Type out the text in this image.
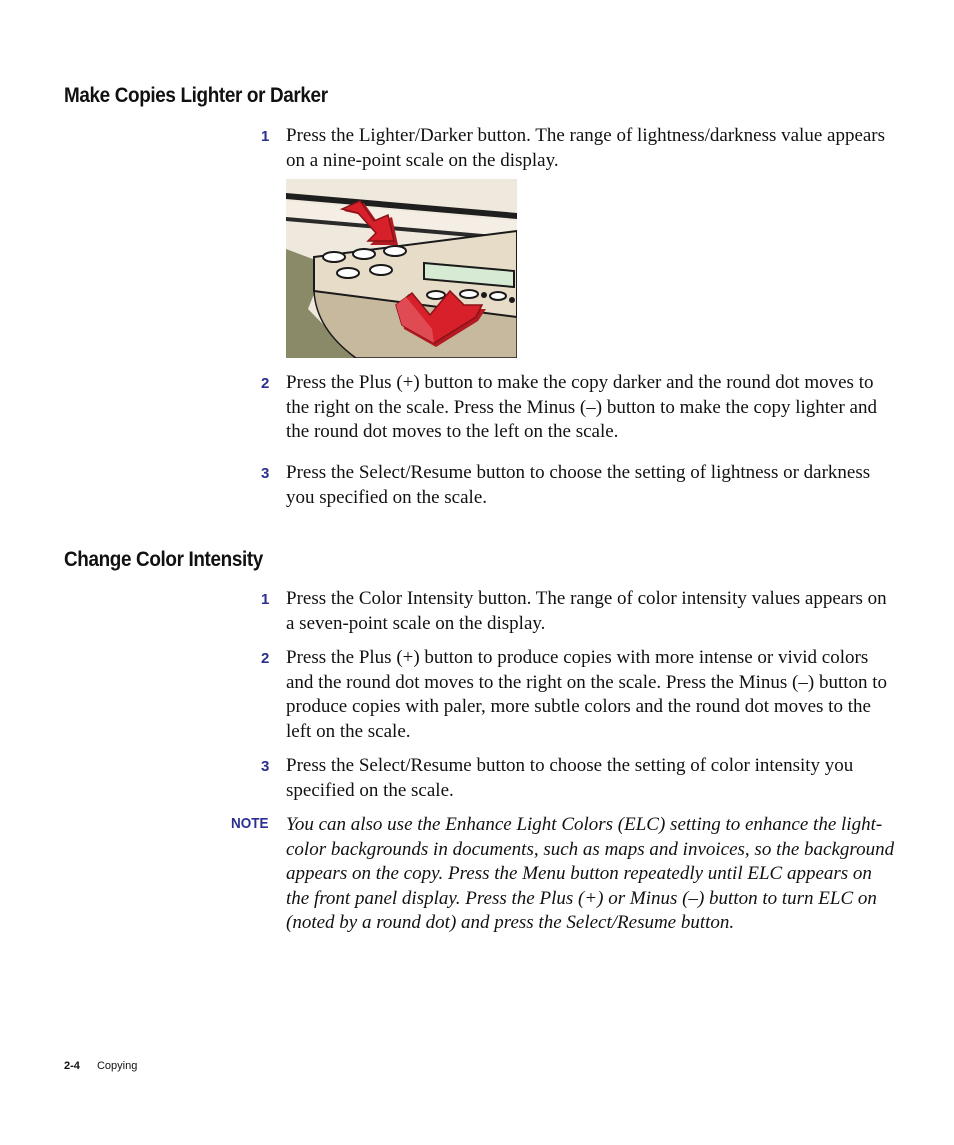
Make Copies Lighter or Darker
1 Press the Lighter/Darker button. The range of lightness/darkness value appears on a nine-point scale on the display.
2 Press the Plus (+) button to make the copy darker and the round dot moves to the right on the scale. Press the Minus (–) button to make the copy lighter and the round dot moves to the left on the scale.
3 Press the Select/Resume button to choose the setting of lightness or darkness you specified on the scale.
Change Color Intensity
1 Press the Color Intensity button. The range of color intensity values appears on a seven-point scale on the display.
2 Press the Plus (+) button to produce copies with more intense or vivid colors and the round dot moves to the right on the scale. Press the Minus (–) button to produce copies with paler, more subtle colors and the round dot moves to the left on the scale.
3 Press the Select/Resume button to choose the setting of color intensity you specified on the scale.
NOTE You can also use the Enhance Light Colors (ELC) setting to enhance the light-color backgrounds in documents, such as maps and invoices, so the background appears on the copy. Press the Menu button repeatedly until ELC appears on the front panel display. Press the Plus (+) or Minus (–) button to turn ELC on (noted by a round dot) and press the Select/Resume button.
2-4 Copying
